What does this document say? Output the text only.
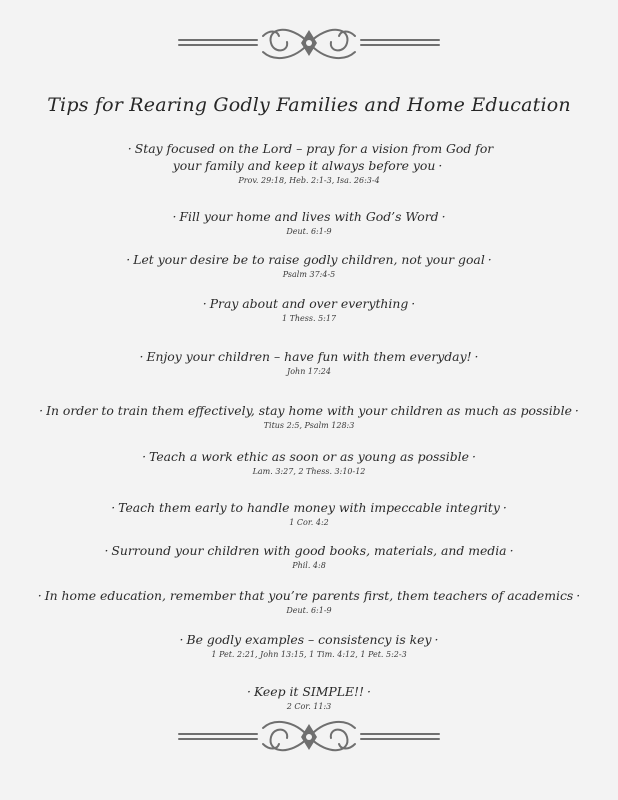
Tips for Rearing Godly Families and Home Education
· Stay focused on the Lord – pray for a vision from God for
your family and keep it always before you ·
Prov. 29:18, Heb. 2:1-3, Isa. 26:3-4
· Fill your home and lives with God’s Word ·
Deut. 6:1-9
· Let your desire be to raise godly children, not your goal ·
Psalm 37:4-5
· Pray about and over everything ·
1 Thess. 5:17
· Enjoy your children – have fun with them everyday! ·
John 17:24
· In order to train them effectively, stay home with your children as much as possible ·
Titus 2:5, Psalm 128:3
· Teach a work ethic as soon or as young as possible ·
Lam. 3:27, 2 Thess. 3:10-12
· Teach them early to handle money with impeccable integrity ·
1 Cor. 4:2
· Surround your children with good books, materials, and media ·
Phil. 4:8
· In home education, remember that you’re parents first, them teachers of academics ·
Deut. 6:1-9
· Be godly examples – consistency is key ·
1 Pet. 2:21, John 13:15, 1 Tim. 4:12, 1 Pet. 5:2-3
· Keep it SIMPLE!! ·
2 Cor. 11:3
